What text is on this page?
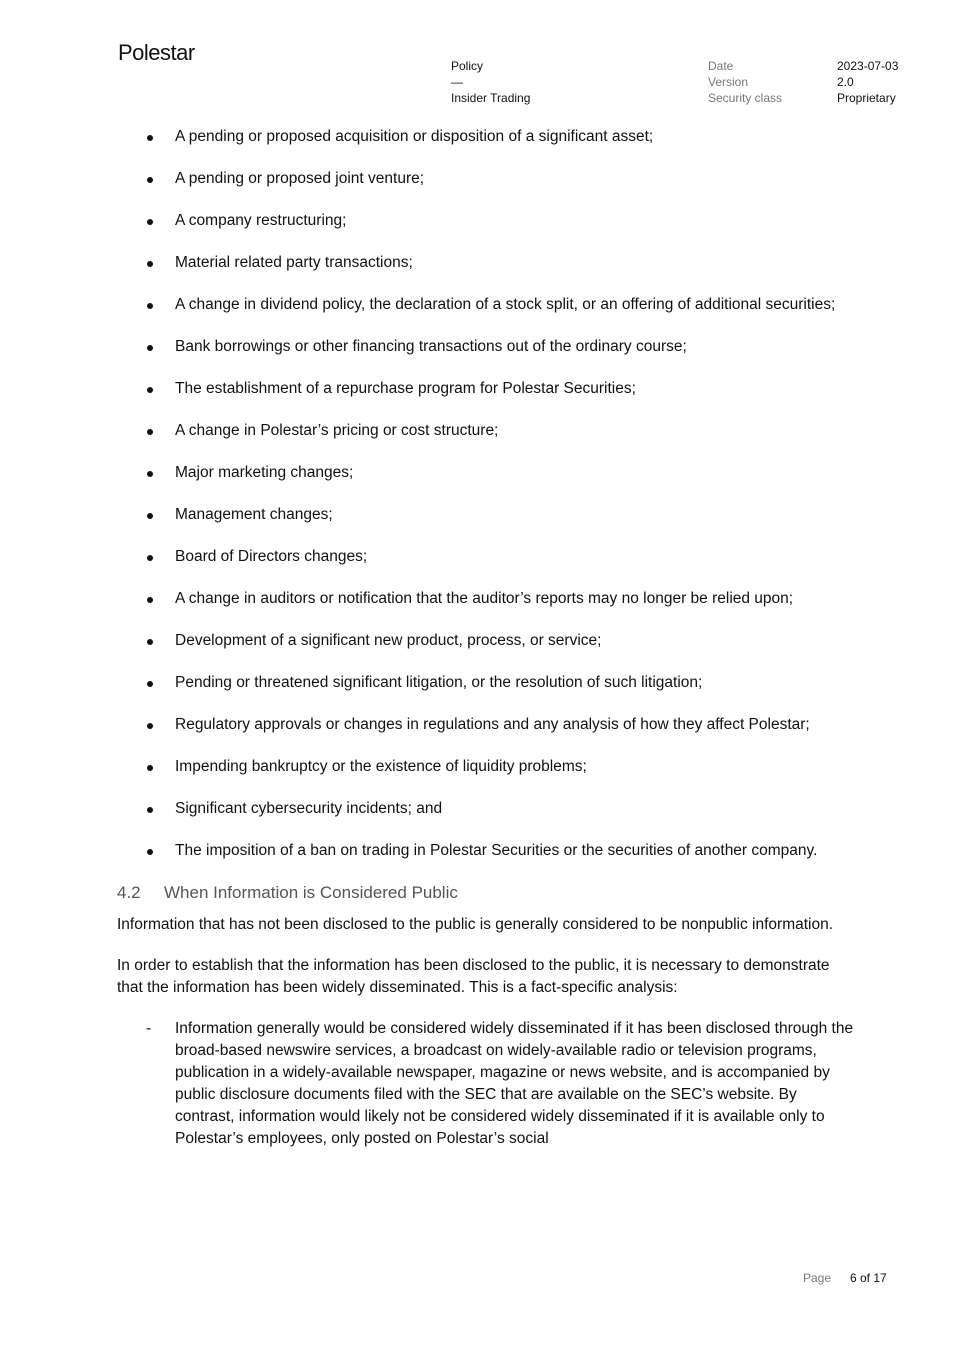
Polestar
Policy
—
Insider Trading
Date
Version
Security class
2023-07-03
2.0
Proprietary
A pending or proposed acquisition or disposition of a significant asset;
A pending or proposed joint venture;
A company restructuring;
Material related party transactions;
A change in dividend policy, the declaration of a stock split, or an offering of additional securities;
Bank borrowings or other financing transactions out of the ordinary course;
The establishment of a repurchase program for Polestar Securities;
A change in Polestar’s pricing or cost structure;
Major marketing changes;
Management changes;
Board of Directors changes;
A change in auditors or notification that the auditor’s reports may no longer be relied upon;
Development of a significant new product, process, or service;
Pending or threatened significant litigation, or the resolution of such litigation;
Regulatory approvals or changes in regulations and any analysis of how they affect Polestar;
Impending bankruptcy or the existence of liquidity problems;
Significant cybersecurity incidents; and
The imposition of a ban on trading in Polestar Securities or the securities of another company.
4.2 When Information is Considered Public

Information that has not been disclosed to the public is generally considered to be nonpublic information.

In order to establish that the information has been disclosed to the public, it is necessary to demonstrate that the information has been widely disseminated. This is a fact-specific analysis:

- Information generally would be considered widely disseminated if it has been disclosed through the broad-based newswire services, a broadcast on widely-available radio or television programs, publication in a widely-available newspaper, magazine or news website, and is accompanied by public disclosure documents filed with the SEC that are available on the SEC’s website. By contrast, information would likely not be considered widely disseminated if it is available only to Polestar’s employees, only posted on Polestar’s social
Page 6 of 17
